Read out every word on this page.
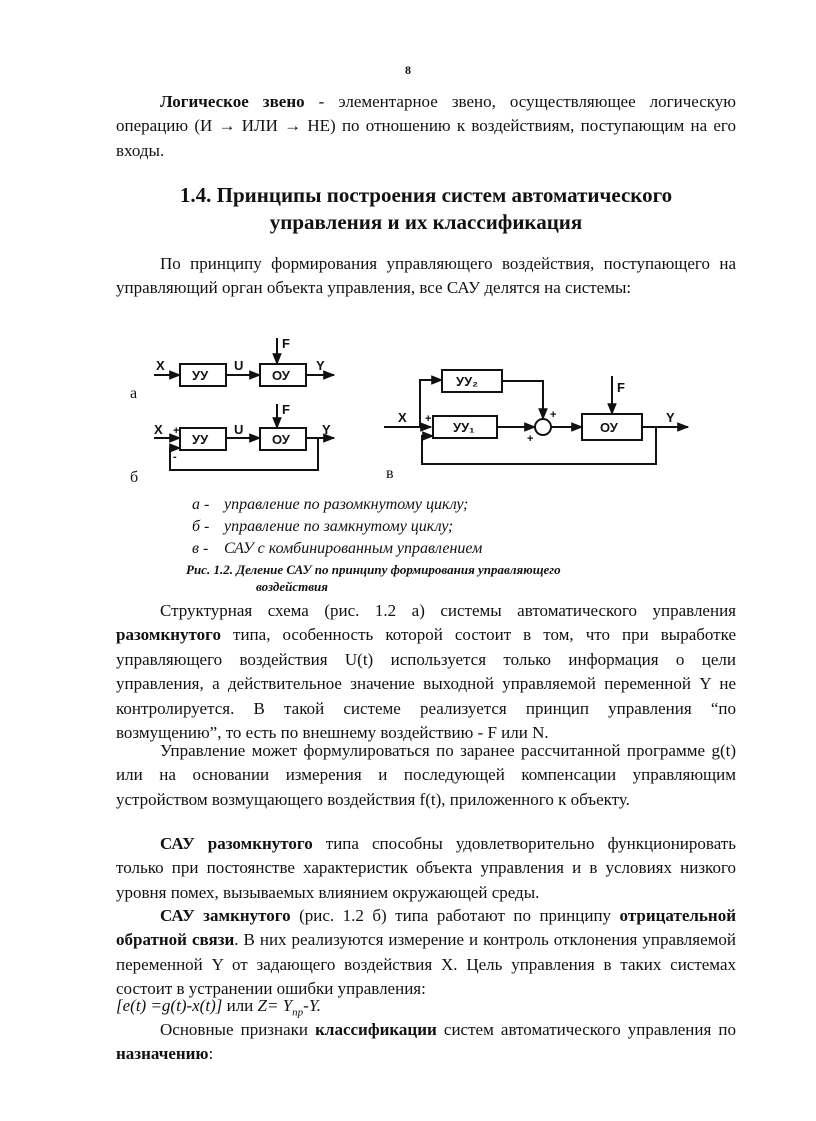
8

Логическое звено - элементарное звено, осуществляющее логическую операцию (И → ИЛИ → НЕ) по отношению к воздействиям, поступающим на его входы.

1.4. Принципы построения систем автоматического
управления и их классификация

По принципу формирования управляющего воздействия, поступающего на управляющий орган объекта управления, все САУ делятся на системы:

а
X
УУ
U
ОУ
F
Y
б
X +
-
УУ
U
ОУ
F
Y
в
X +
УУ₂
УУ₁
+
+
ОУ
F
Y
а - управление по разомкнутому циклу;
б - управление по замкнутому циклу;
в - САУ с комбинированным управлением

Рис. 1.2. Деление САУ по принципу формирования управляющего
воздействия

Структурная схема (рис. 1.2 а) системы автоматического управления разомкнутого типа, особенность которой состоит в том, что при выработке управляющего воздействия U(t) используется только информация о цели управления, а действительное значение выходной управляемой переменной Y не контролируется. В такой системе реализуется принцип управления “по возмущению”, то есть по внешнему воздействию - F или N.

Управление может формулироваться по заранее рассчитанной программе g(t) или на основании измерения и последующей компенсации управляющим устройством возмущающего воздействия f(t), приложенного к объекту.

САУ разомкнутого типа способны удовлетворительно функционировать только при постоянстве характеристик объекта управления и в условиях низкого уровня помех, вызываемых влиянием окружающей среды.

САУ замкнутого (рис. 1.2 б) типа работают по принципу отрицательной обратной связи. В них реализуются измерение и контроль отклонения управляемой переменной Y от задающего воздействия X. Цель управления в таких системах состоит в устранении ошибки управления:

[e(t) =g(t)-x(t)] или $Z= Y_{пр}-Y$.

Основные признаки классификации систем автоматического управления по назначению:
